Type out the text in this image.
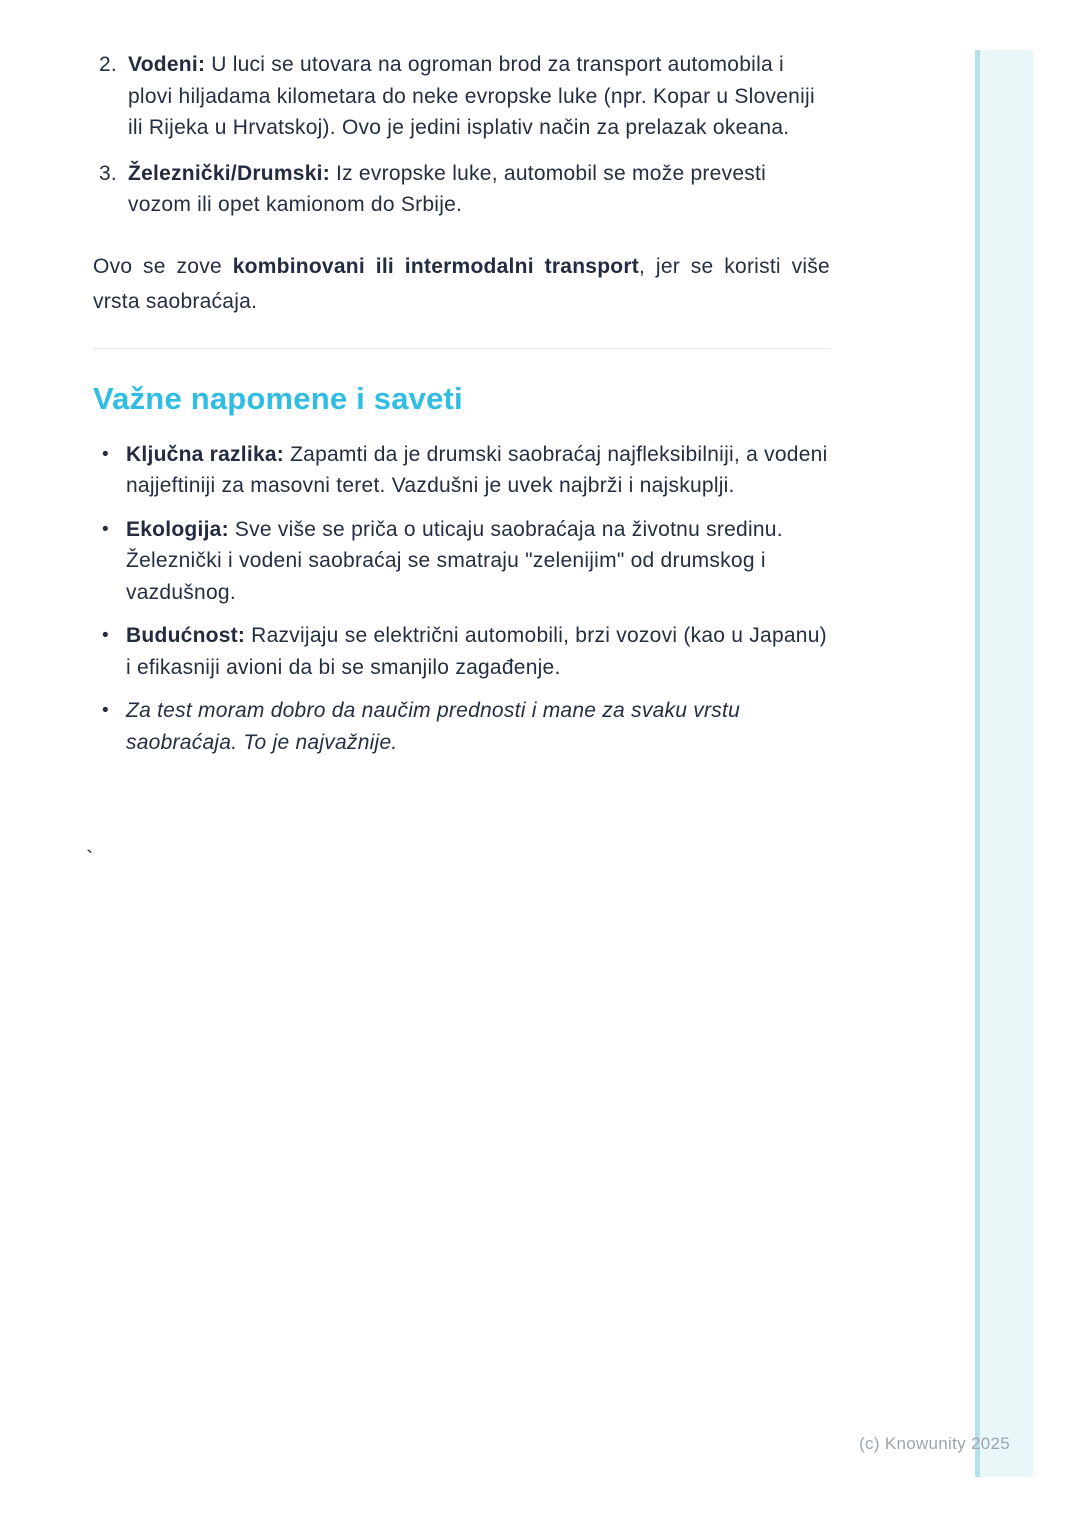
2. Vodeni: U luci se utovara na ogroman brod za transport automobila i plovi hiljadama kilometara do neke evropske luke (npr. Kopar u Sloveniji ili Rijeka u Hrvatskoj). Ovo je jedini isplativ način za prelazak okeana.
3. Železnički/Drumski: Iz evropske luke, automobil se može prevesti vozom ili opet kamionom do Srbije.

Ovo se zove kombinovani ili intermodalni transport, jer se koristi više vrsta saobraćaja.

Važne napomene i saveti
• Ključna razlika: Zapamti da je drumski saobraćaj najfleksibilniji, a vodeni najjeftiniji za masovni teret. Vazdušni je uvek najbrži i najskuplji.
• Ekologija: Sve više se priča o uticaju saobraćaja na životnu sredinu. Železnički i vodeni saobraćaj se smatraju "zelenijim" od drumskog i vazdušnog.
• Budućnost: Razvijaju se električni automobili, brzi vozovi (kao u Japanu) i efikasniji avioni da bi se smanjilo zagađenje.
• Za test moram dobro da naučim prednosti i mane za svaku vrstu saobraćaja. To je najvažnije.
`
(c) Knowunity 2025
